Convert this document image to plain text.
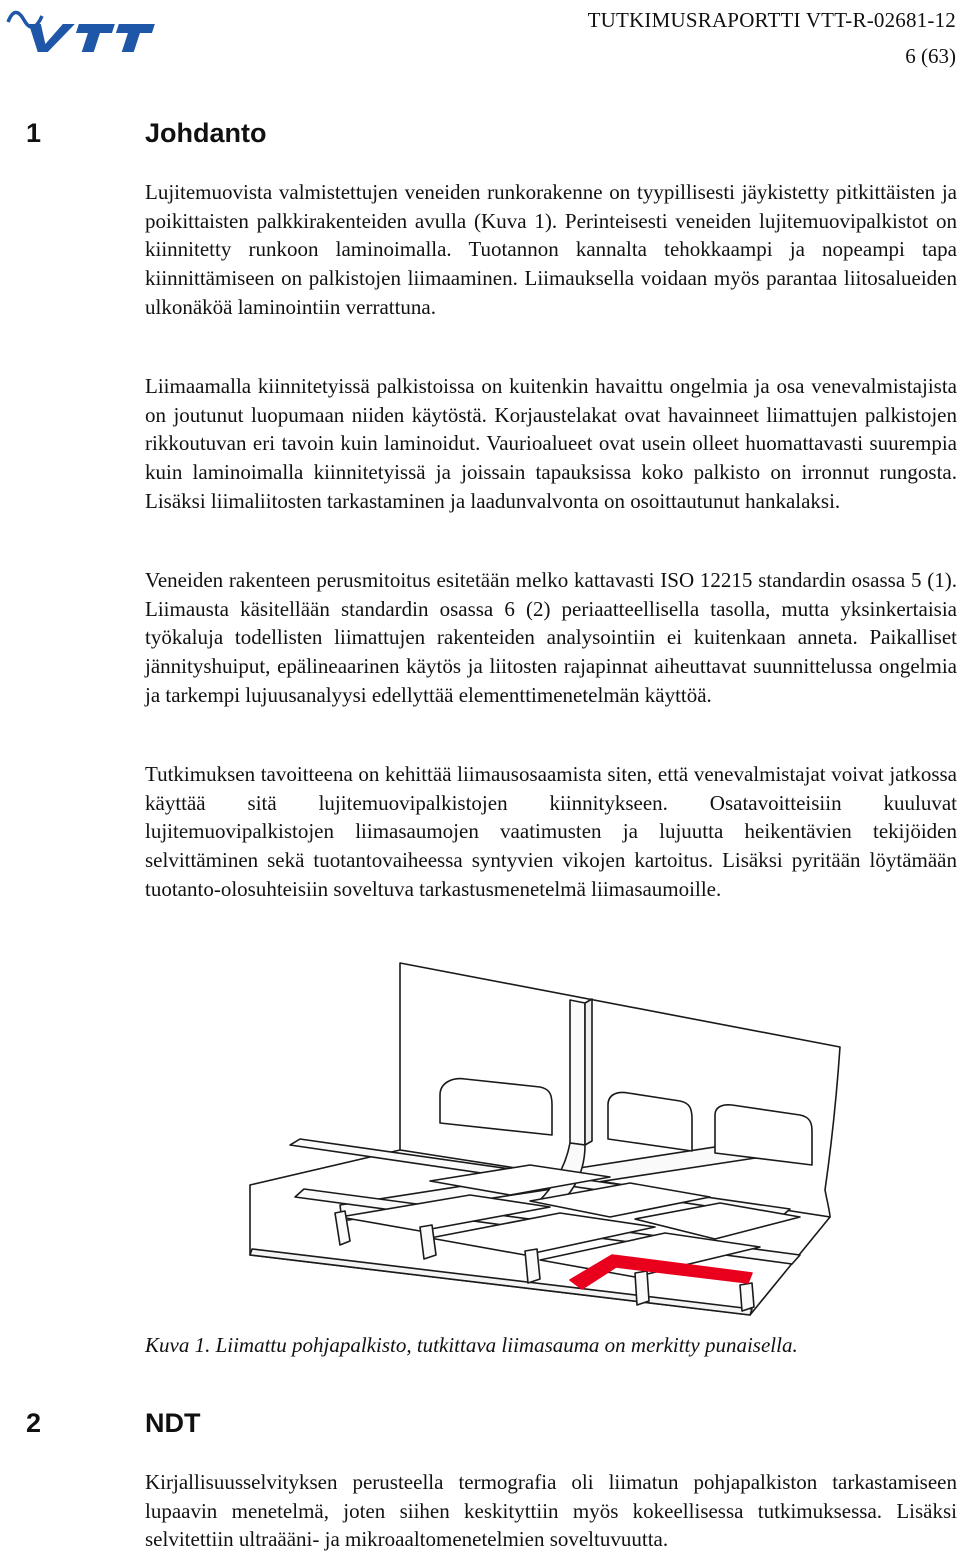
TUTKIMUSRAPORTTI VTT-R-02681-12
6 (63)
1	Johdanto

Lujitemuovista valmistettujen veneiden runkorakenne on tyypillisesti jäykistetty pitkittäisten ja poikittaisten palkkirakenteiden avulla (Kuva 1). Perinteisesti veneiden lujitemuovipalkistot on kiinnitetty runkoon laminoimalla. Tuotannon kannalta tehokkaampi ja nopeampi tapa kiinnittämiseen on palkistojen liimaaminen. Liimauksella voidaan myös parantaa liitosalueiden ulkonäköä laminointiin verrattuna.

Liimaamalla kiinnitetyissä palkistoissa on kuitenkin havaittu ongelmia ja osa venevalmistajista on joutunut luopumaan niiden käytöstä. Korjaustelakat ovat havainneet liimattujen palkistojen rikkoutuvan eri tavoin kuin laminoidut. Vaurioalueet ovat usein olleet huomattavasti suurempia kuin laminoimalla kiinnitetyissä ja joissain tapauksissa koko palkisto on irronnut rungosta. Lisäksi liimaliitosten tarkastaminen ja laadunvalvonta on osoittautunut hankalaksi.

Veneiden rakenteen perusmitoitus esitetään melko kattavasti ISO 12215 standardin osassa 5 (1). Liimausta käsitellään standardin osassa 6 (2) periaatteellisella tasolla, mutta yksinkertaisia työkaluja todellisten liimattujen rakenteiden analysointiin ei kuitenkaan anneta. Paikalliset jännityshuiput, epälineaarinen käytös ja liitosten rajapinnat aiheuttavat suunnittelussa ongelmia ja tarkempi lujuusanalyysi edellyttää elementtimenetelmän käyttöä.

Tutkimuksen tavoitteena on kehittää liimausosaamista siten, että venevalmistajat voivat jatkossa käyttää sitä lujitemuovipalkistojen kiinnitykseen. Osatavoitteisiin kuuluvat lujitemuovipalkistojen liimasaumojen vaatimusten ja lujuutta heikentävien tekijöiden selvittäminen sekä tuotantovaiheessa syntyvien vikojen kartoitus. Lisäksi pyritään löytämään tuotanto-olosuhteisiin soveltuva tarkastusmenetelmä liimasaumoille.

Kuva 1. Liimattu pohjapalkisto, tutkittava liimasauma on merkitty punaisella.
2	NDT

Kirjallisuusselvityksen perusteella termografia oli liimatun pohjapalkiston tarkastamiseen lupaavin menetelmä, joten siihen keskityttiin myös kokeellisessa tutkimuksessa. Lisäksi selvitettiin ultraääni- ja mikroaaltomenetelmien soveltuvuutta.
